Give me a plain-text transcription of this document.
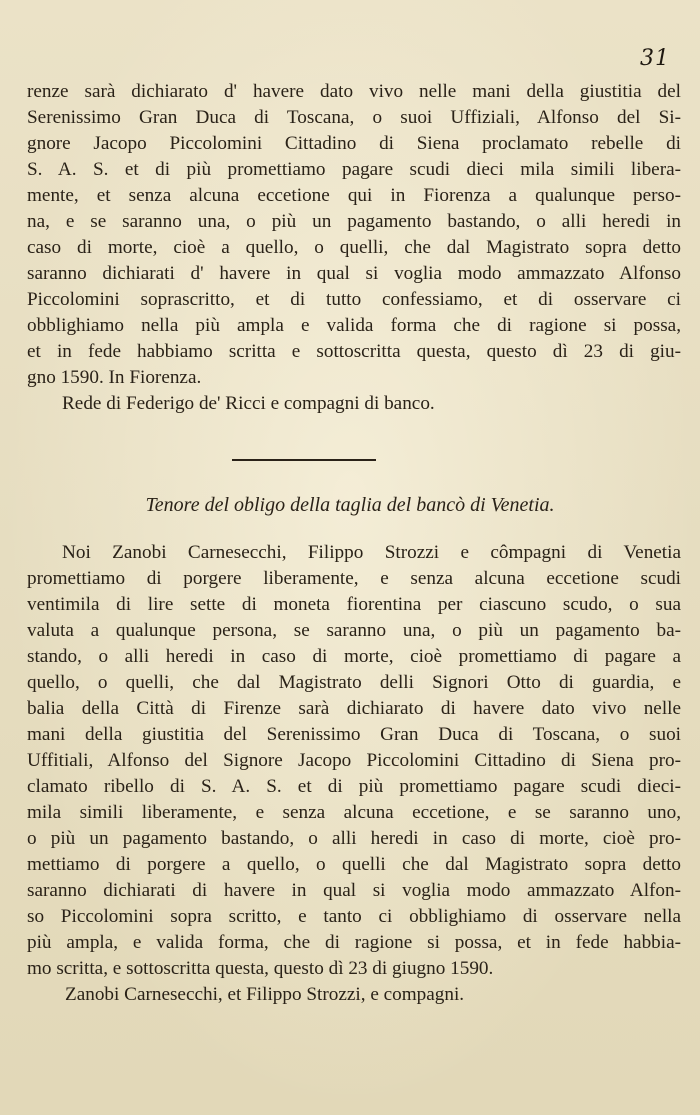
31
renze sarà dichiarato d' havere dato vivo nelle mani della giustitia del
Serenissimo Gran Duca di Toscana, o suoi Uffiziali, Alfonso del Si-
gnore Jacopo Piccolomini Cittadino di Siena proclamato rebelle di
S. A. S. et di più promettiamo pagare scudi dieci mila simili libera-
mente, et senza alcuna eccetione qui in Fiorenza a qualunque perso-
na, e se saranno una, o più un pagamento bastando, o alli heredi in
caso di morte, cioè a quello, o quelli, che dal Magistrato sopra detto
saranno dichiarati d' havere in qual si voglia modo ammazzato Alfonso
Piccolomini soprascritto, et di tutto confessiamo, et di osservare ci
obblighiamo nella più ampla e valida forma che di ragione si possa,
et in fede habbiamo scritta e sottoscritta questa, questo dì 23 di giu-
gno 1590. In Fiorenza.
Rede di Federigo de' Ricci e compagni di banco.
Tenore del obligo della taglia del bancò di Venetia.
Noi Zanobi Carnesecchi, Filippo Strozzi e cômpagni di Venetia
promettiamo di porgere liberamente, e senza alcuna eccetione scudi
ventimila di lire sette di moneta fiorentina per ciascuno scudo, o sua
valuta a qualunque persona, se saranno una, o più un pagamento ba-
stando, o alli heredi in caso di morte, cioè promettiamo di pagare a
quello, o quelli, che dal Magistrato delli Signori Otto di guardia, e
balia della Città di Firenze sarà dichiarato di havere dato vivo nelle
mani della giustitia del Serenissimo Gran Duca di Toscana, o suoi
Uffitiali, Alfonso del Signore Jacopo Piccolomini Cittadino di Siena pro-
clamato ribello di S. A. S. et di più promettiamo pagare scudi dieci-
mila simili liberamente, e senza alcuna eccetione, e se saranno uno,
o più un pagamento bastando, o alli heredi in caso di morte, cioè pro-
mettiamo di porgere a quello, o quelli che dal Magistrato sopra detto
saranno dichiarati di havere in qual si voglia modo ammazzato Alfon-
so Piccolomini sopra scritto, e tanto ci obblighiamo di osservare nella
più ampla, e valida forma, che di ragione si possa, et in fede habbia-
mo scritta, e sottoscritta questa, questo dì 23 di giugno 1590.
Zanobi Carnesecchi, et Filippo Strozzi, e compagni.
